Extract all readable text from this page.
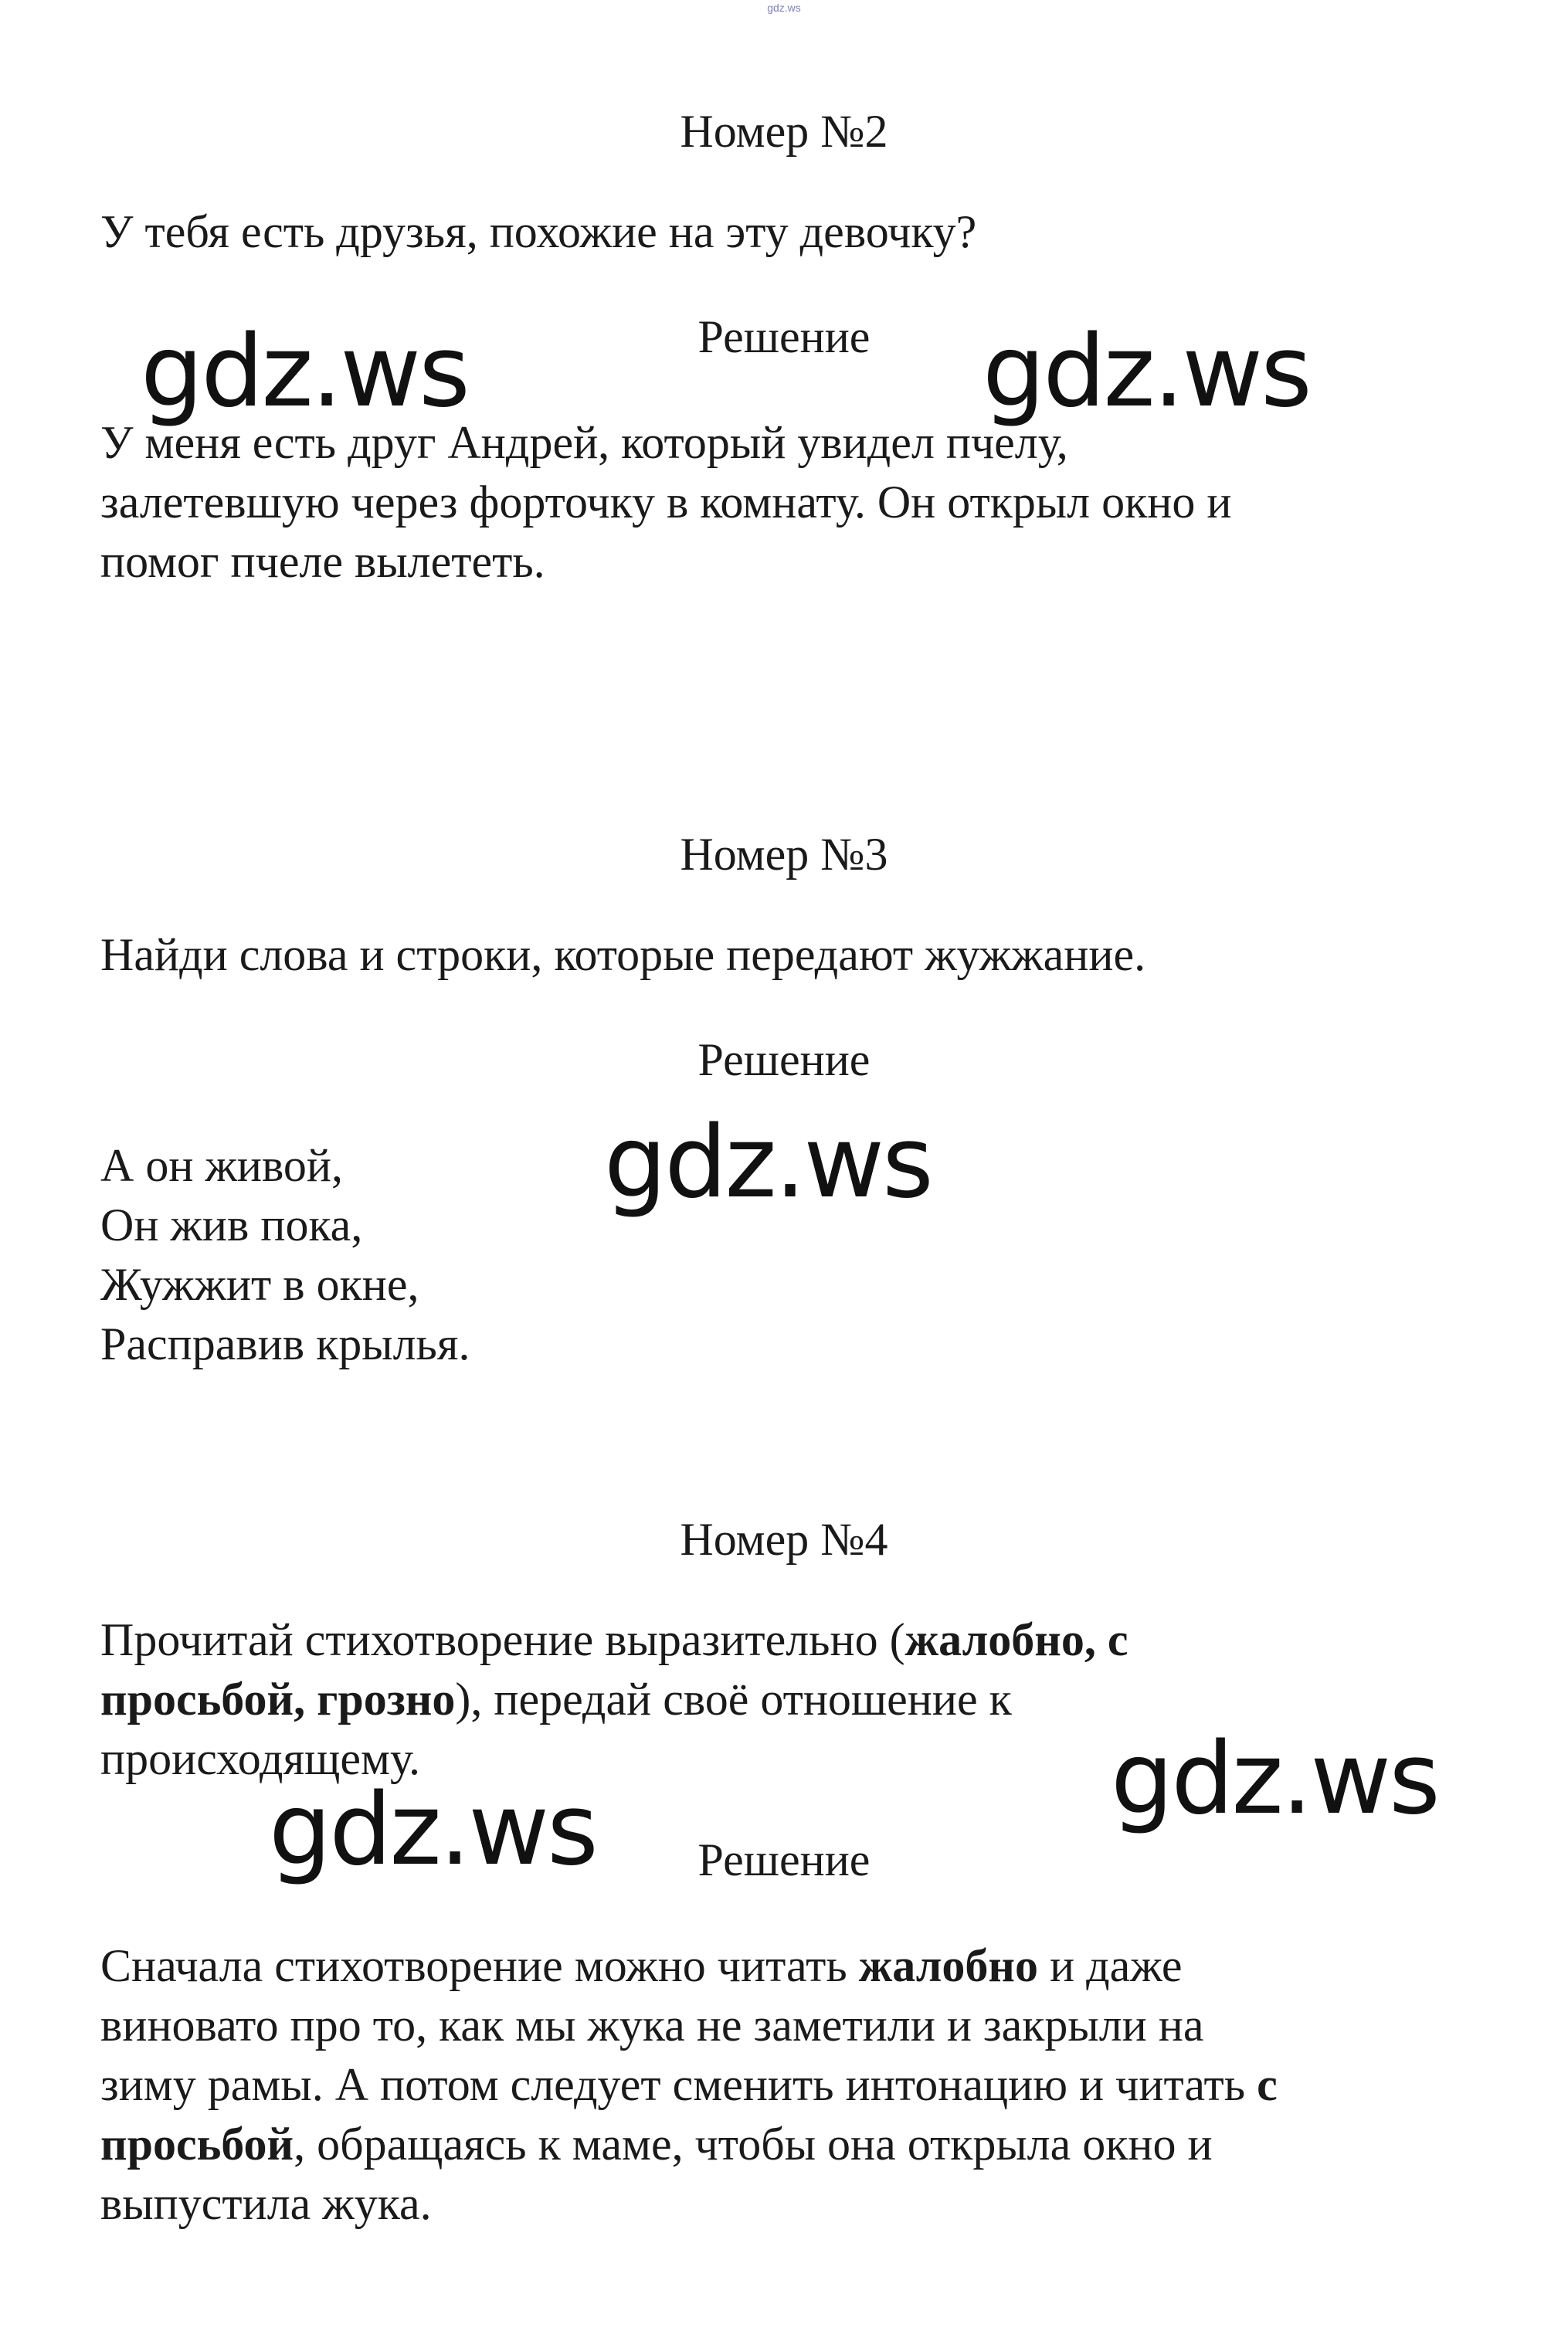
gdz.ws
Номер №2
У тебя есть друзья, похожие на эту девочку?
Решение
gdz.ws	gdz.ws
У меня есть друг Андрей, который увидел пчелу,
залетевшую через форточку в комнату. Он открыл окно и
помог пчеле вылететь.
Номер №3
Найди слова и строки, которые передают жужжание.
Решение
gdz.ws
А он живой,
Он жив пока,
Жужжит в окне,
Расправив крылья.
Номер №4
Прочитай стихотворение выразительно (жалобно, с
просьбой, грозно), передай своё отношение к
происходящему.	gdz.ws
gdz.ws	Решение
Сначала стихотворение можно читать жалобно и даже
виновато про то, как мы жука не заметили и закрыли на
зиму рамы. А потом следует сменить интонацию и читать с
просьбой, обращаясь к маме, чтобы она открыла окно и
выпустила жука.
